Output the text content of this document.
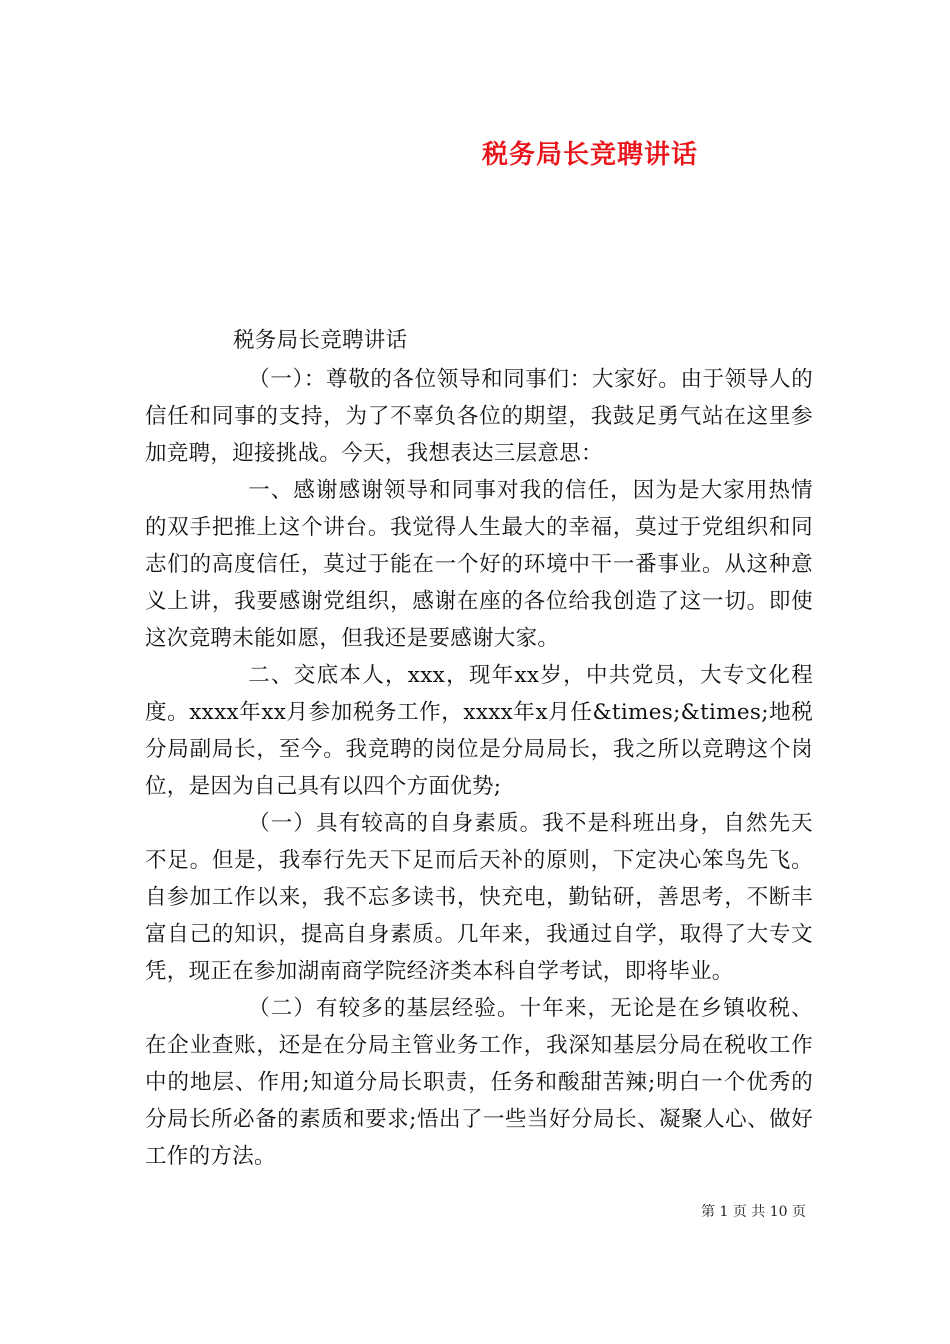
税务局长竞聘讲话

税务局长竞聘讲话

（一）：尊敬的各位领导和同事们：大家好。由于领导人的信任和同事的支持，为了不辜负各位的期望，我鼓足勇气站在这里参加竞聘，迎接挑战。今天，我想表达三层意思：

一、感谢感谢领导和同事对我的信任，因为是大家用热情的双手把推上这个讲台。我觉得人生最大的幸福，莫过于党组织和同志们的高度信任，莫过于能在一个好的环境中干一番事业。从这种意义上讲，我要感谢党组织，感谢在座的各位给我创造了这一切。即使这次竞聘未能如愿，但我还是要感谢大家。

二、交底本人，xxx，现年xx岁，中共党员，大专文化程度。xxxx年xx月参加税务工作，xxxx年x月任&times;&times;地税分局副局长，至今。我竞聘的岗位是分局局长，我之所以竞聘这个岗位，是因为自己具有以四个方面优势;

（一）具有较高的自身素质。我不是科班出身，自然先天不足。但是，我奉行先天下足而后天补的原则，下定决心笨鸟先飞。自参加工作以来，我不忘多读书，快充电，勤钻研，善思考，不断丰富自己的知识，提高自身素质。几年来，我通过自学，取得了大专文凭，现正在参加湖南商学院经济类本科自学考试，即将毕业。

（二）有较多的基层经验。十年来，无论是在乡镇收税、在企业查账，还是在分局主管业务工作，我深知基层分局在税收工作中的地层、作用;知道分局长职责，任务和酸甜苦辣;明白一个优秀的分局长所必备的素质和要求;悟出了一些当好分局长、凝聚人心、做好工作的方法。

第 1 页 共 10 页
